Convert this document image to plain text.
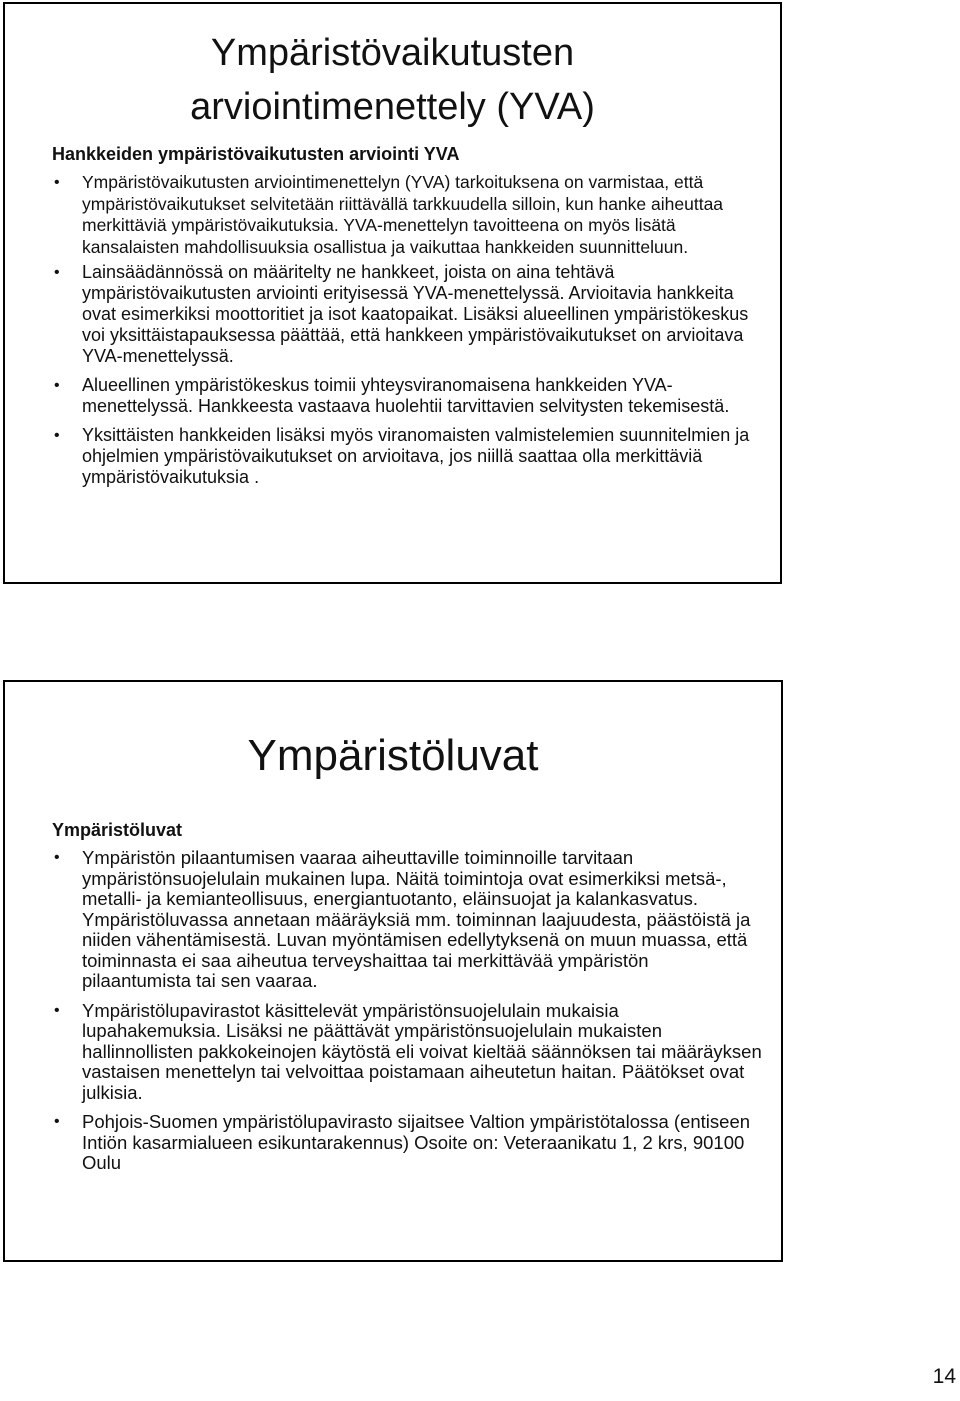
Ympäristövaikutusten
arviointimenettely (YVA)

Hankkeiden ympäristövaikutusten arviointi YVA

• Ympäristövaikutusten arviointimenettelyn (YVA) tarkoituksena on varmistaa, että ympäristövaikutukset selvitetään riittävällä tarkkuudella silloin, kun hanke aiheuttaa merkittäviä ympäristövaikutuksia. YVA-menettelyn tavoitteena on myös lisätä kansalaisten mahdollisuuksia osallistua ja vaikuttaa hankkeiden suunnitteluun.
• Lainsäädännössä on määritelty ne hankkeet, joista on aina tehtävä ympäristövaikutusten arviointi erityisessä YVA-menettelyssä. Arvioitavia hankkeita ovat esimerkiksi moottoritiet ja isot kaatopaikat. Lisäksi alueellinen ympäristökeskus voi yksittäistapauksessa päättää, että hankkeen ympäristövaikutukset on arvioitava YVA-menettelyssä.
• Alueellinen ympäristökeskus toimii yhteysviranomaisena hankkeiden YVA-menettelyssä. Hankkeesta vastaava huolehtii tarvittavien selvitysten tekemisestä.
• Yksittäisten hankkeiden lisäksi myös viranomaisten valmistelemien suunnitelmien ja ohjelmien ympäristövaikutukset on arvioitava, jos niillä saattaa olla merkittäviä ympäristövaikutuksia .
Ympäristöluvat

Ympäristöluvat

• Ympäristön pilaantumisen vaaraa aiheuttaville toiminnoille tarvitaan ympäristönsuojelulain mukainen lupa. Näitä toimintoja ovat esimerkiksi metsä-, metalli- ja kemianteollisuus, energiantuotanto, eläinsuojat ja kalankasvatus. Ympäristöluvassa annetaan määräyksiä mm. toiminnan laajuudesta, päästöistä ja niiden vähentämisestä. Luvan myöntämisen edellytyksenä on muun muassa, että toiminnasta ei saa aiheutua terveyshaittaa tai merkittävää ympäristön pilaantumista tai sen vaaraa.
• Ympäristölupavirastot käsittelevät ympäristönsuojelulain mukaisia lupahakemuksia. Lisäksi ne päättävät ympäristönsuojelulain mukaisten hallinnollisten pakkokeinojen käytöstä eli voivat kieltää säännöksen tai määräyksen vastaisen menettelyn tai velvoittaa poistamaan aiheutetun haitan. Päätökset ovat julkisia.
• Pohjois-Suomen ympäristölupavirasto sijaitsee Valtion ympäristötalossa (entiseen Intiön kasarmialueen esikuntarakennus) Osoite on: Veteraanikatu 1, 2 krs, 90100 Oulu
14
